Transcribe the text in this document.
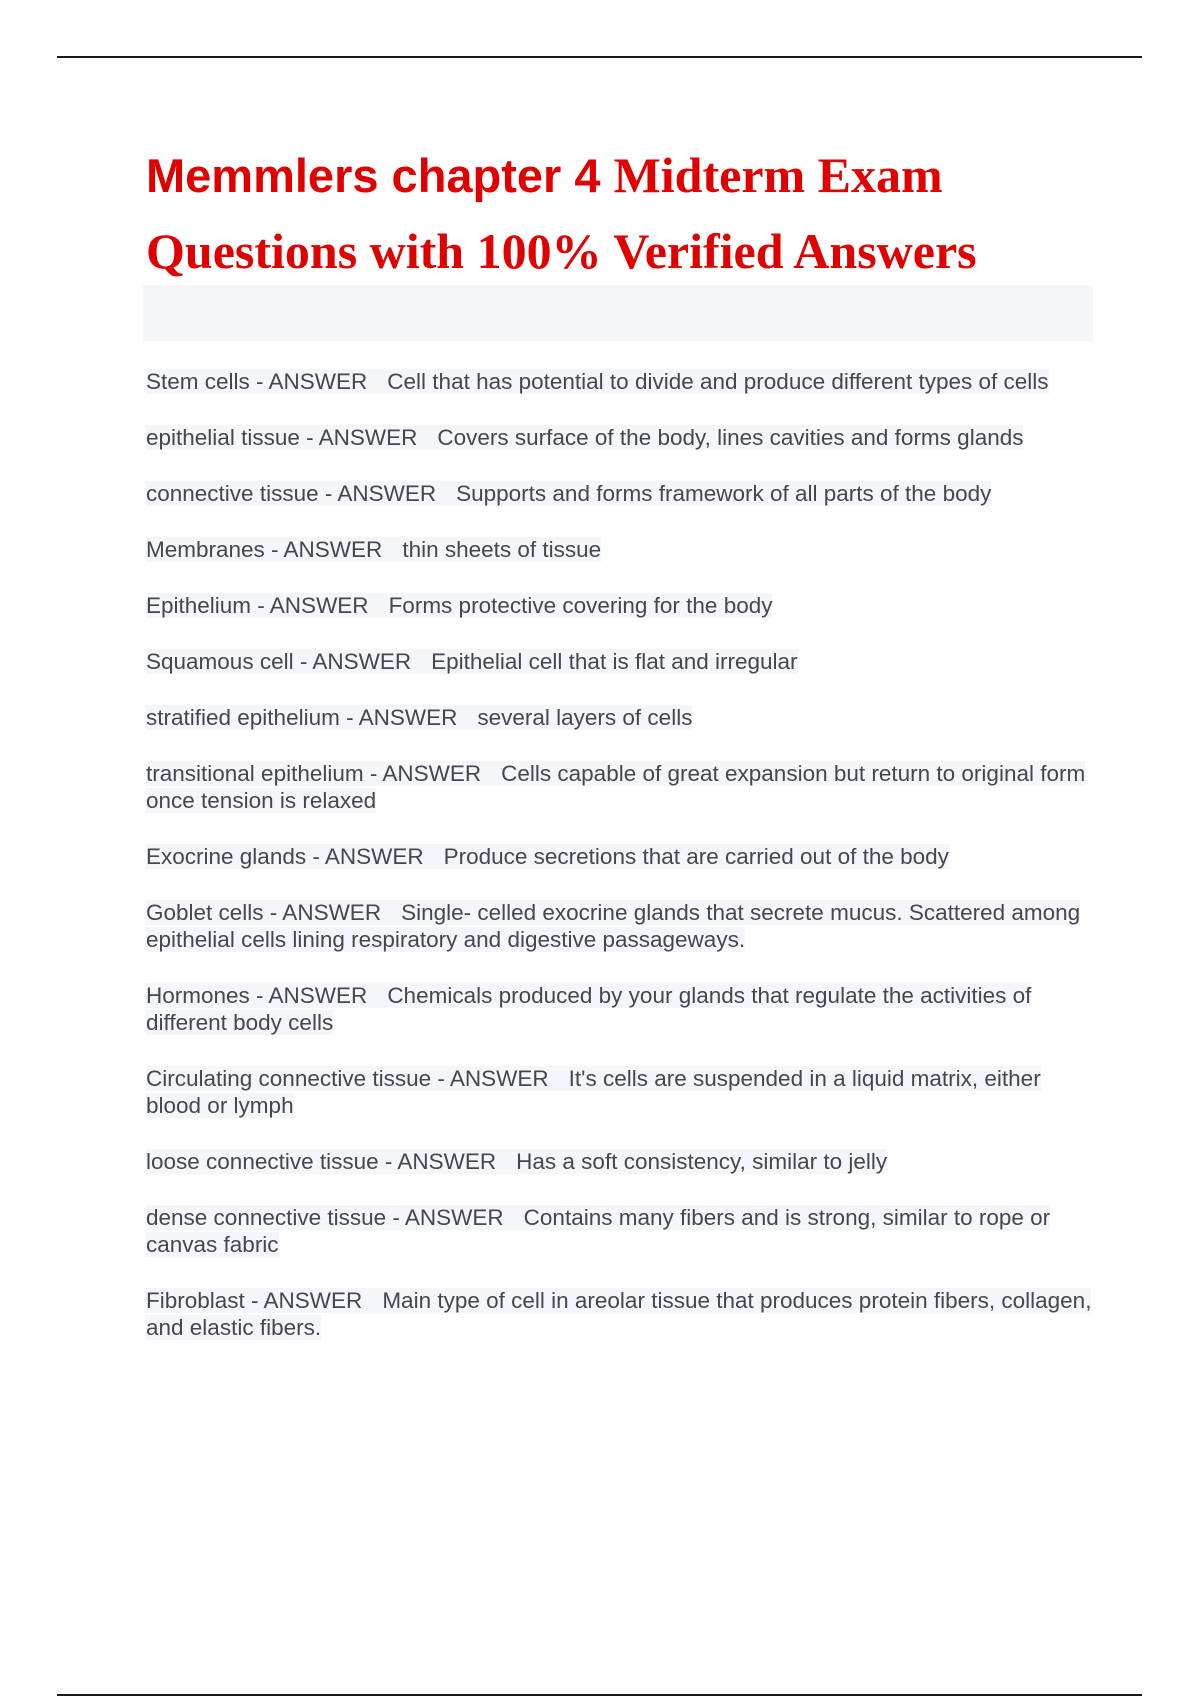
Memmlers chapter 4 Midterm Exam Questions with 100% Verified Answers
Stem cells - ANSWER Cell that has potential to divide and produce different types of cells
epithelial tissue - ANSWER Covers surface of the body, lines cavities and forms glands
connective tissue - ANSWER Supports and forms framework of all parts of the body
Membranes - ANSWER thin sheets of tissue
Epithelium - ANSWER Forms protective covering for the body
Squamous cell - ANSWER Epithelial cell that is flat and irregular
stratified epithelium - ANSWER several layers of cells
transitional epithelium - ANSWER Cells capable of great expansion but return to original form once tension is relaxed
Exocrine glands - ANSWER Produce secretions that are carried out of the body
Goblet cells - ANSWER Single- celled exocrine glands that secrete mucus. Scattered among epithelial cells lining respiratory and digestive passageways.
Hormones - ANSWER Chemicals produced by your glands that regulate the activities of different body cells
Circulating connective tissue - ANSWER It's cells are suspended in a liquid matrix, either blood or lymph
loose connective tissue - ANSWER Has a soft consistency, similar to jelly
dense connective tissue - ANSWER Contains many fibers and is strong, similar to rope or canvas fabric
Fibroblast - ANSWER Main type of cell in areolar tissue that produces protein fibers, collagen, and elastic fibers.
